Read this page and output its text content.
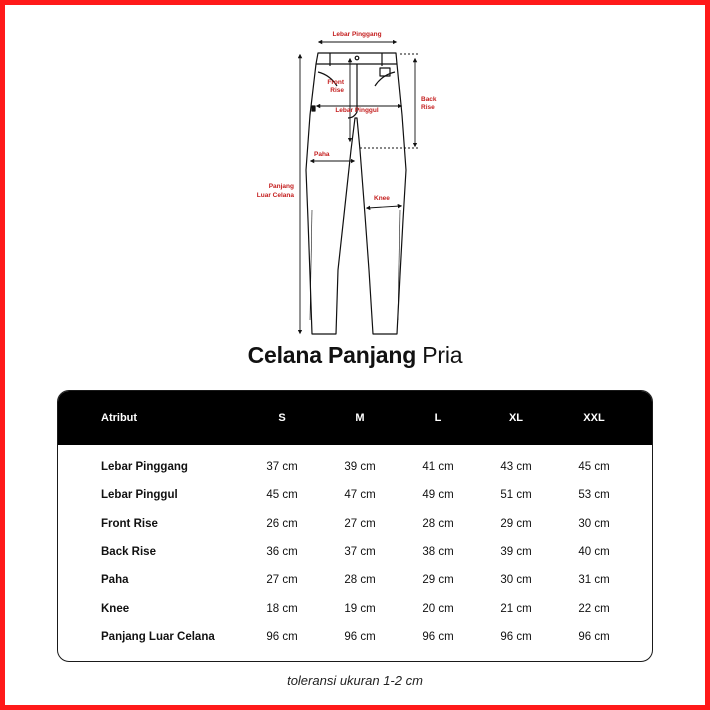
Lebar Pinggang
Front
Rise
Lebar Pinggul
Back
Rise
Paha
Panjang
Luar Celana	Knee
Celana Panjang Pria
Atribut	S	M	L	XL	XXL
Lebar Pinggang	37 cm	39 cm	41 cm	43 cm	45 cm
Lebar Pinggul	45 cm	47 cm	49 cm	51 cm	53 cm
Front Rise	26 cm	27 cm	28 cm	29 cm	30 cm
Back Rise	36 cm	37 cm	38 cm	39 cm	40 cm
Paha	27 cm	28 cm	29 cm	30 cm	31 cm
Knee	18 cm	19 cm	20 cm	21 cm	22 cm
Panjang Luar Celana	96 cm	96 cm	96 cm	96 cm	96 cm
toleransi ukuran 1-2 cm
